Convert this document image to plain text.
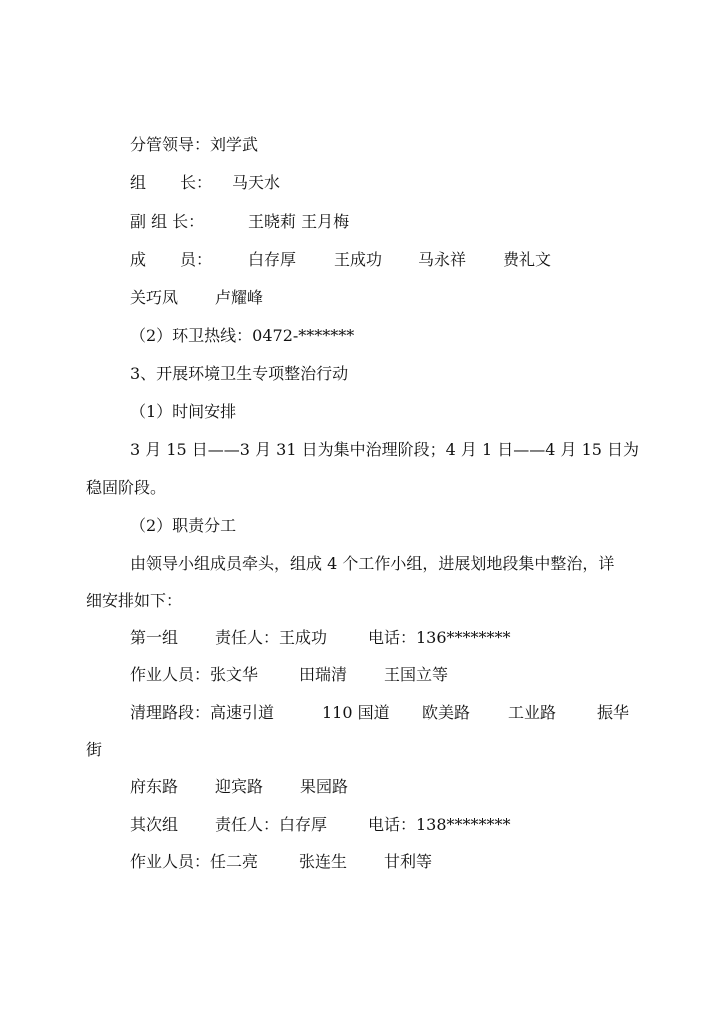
分管领导：

刘学武

组

长：

马天水

副 组 长：

	王晓莉 王月梅

成

员：

白存厚

王成功

马永祥

费礼文

关巧凤

卢耀峰

（2）环卫热线：0472-*******

3、开展环境卫生专项整治行动

（1）时间安排

3 月 15 日——3 月 31 日为集中治理阶段；4 月 1 日——4 月 15 日为

稳固阶段。

（2）职责分工

由领导小组成员牵头，组成 4 个工作小组，进展划地段集中整治，详

细安排如下：

第一组

责任人：王成功

	电话：136********

作业人员：张文华

	田瑞清

王国立等

清理路段：高速引道

	110 国道

欧美路

工业路

	振华

街

府东路

迎宾路

果园路

其次组

责任人：白存厚

	电话：138********

作业人员：任二亮

	张连生

甘利等
